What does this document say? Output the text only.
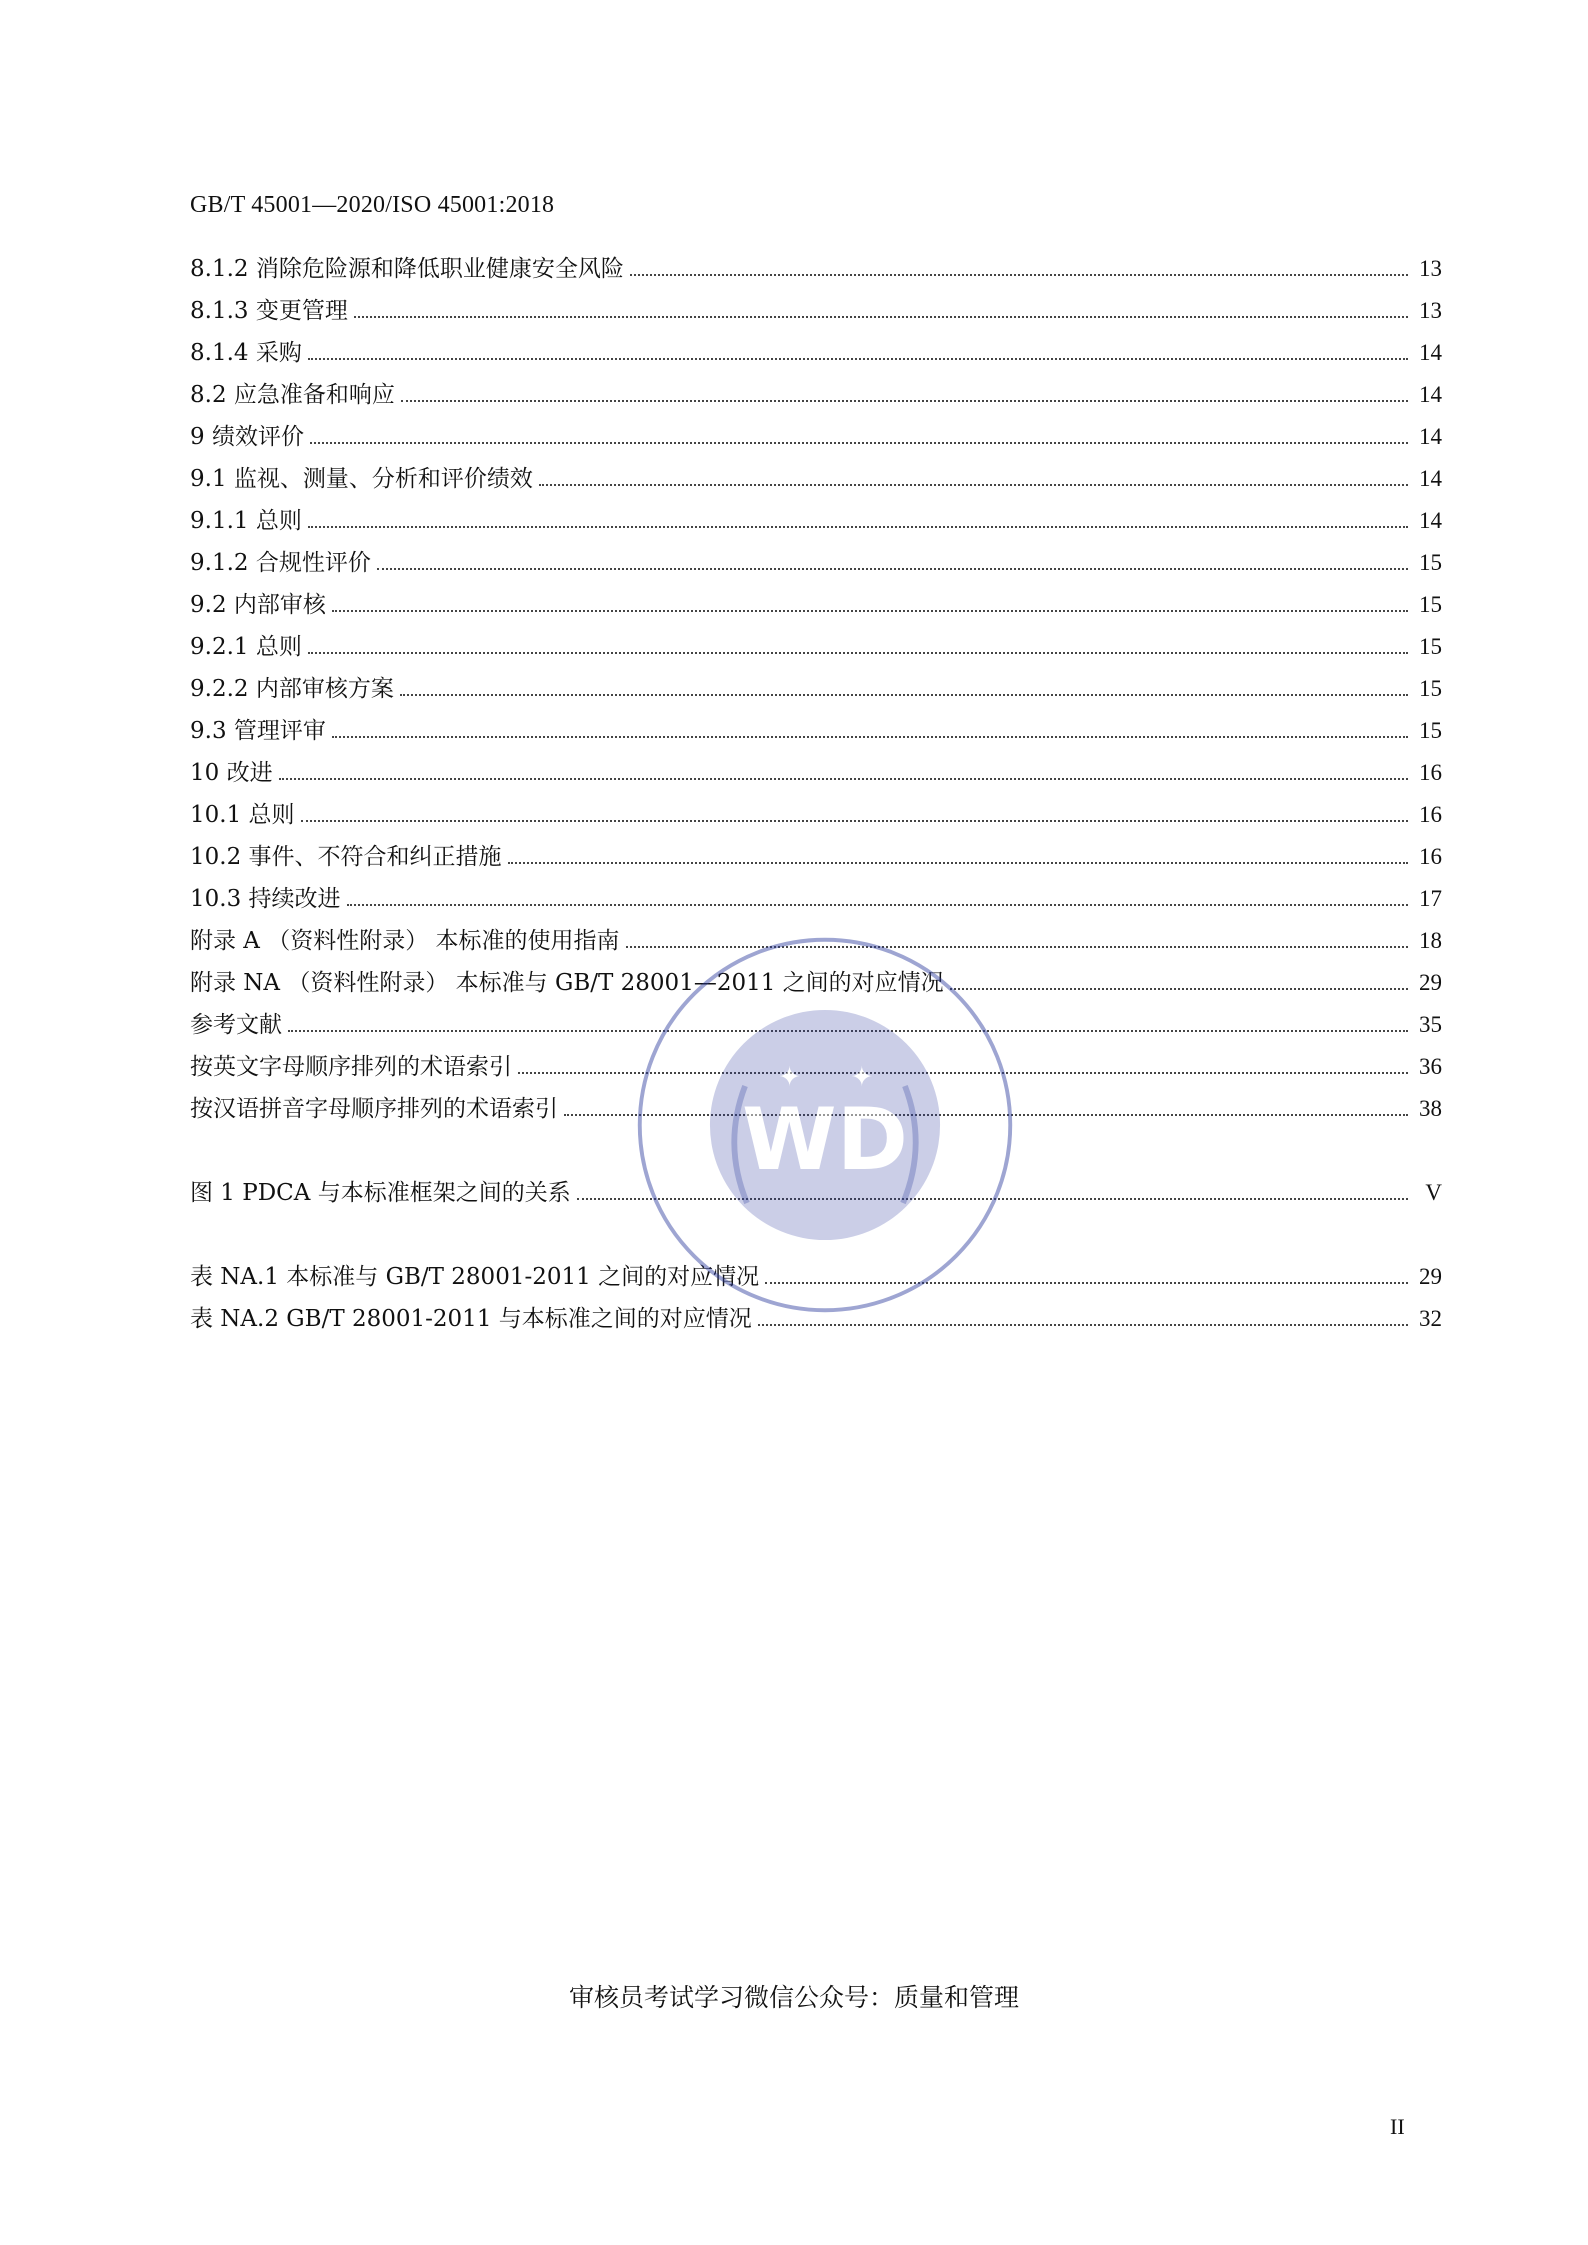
GB/T 45001—2020/ISO 45001:2018
8.1.2 消除危险源和降低职业健康安全风险	13
8.1.3 变更管理	13
8.1.4 采购	14
8.2 应急准备和响应	14
9 绩效评价	14
9.1 监视、测量、分析和评价绩效	14
9.1.1 总则	14
9.1.2 合规性评价	15
9.2 内部审核	15
9.2.1 总则	15
9.2.2 内部审核方案	15
9.3 管理评审	15
10 改进	16
10.1 总则	16
10.2 事件、不符合和纠正措施	16
10.3 持续改进	17
附录 A （资料性附录） 本标准的使用指南	18
附录 NA （资料性附录） 本标准与 GB/T 28001—2011 之间的对应情况	29
参考文献	35
按英文字母顺序排列的术语索引	36
按汉语拼音字母顺序排列的术语索引	38
图 1 PDCA 与本标准框架之间的关系	V
表 NA.1 本标准与 GB/T 28001-2011 之间的对应情况	29
表 NA.2 GB/T 28001-2011 与本标准之间的对应情况	32
✦ ✦
WD
审核员考试学习微信公众号：质量和管理
II
